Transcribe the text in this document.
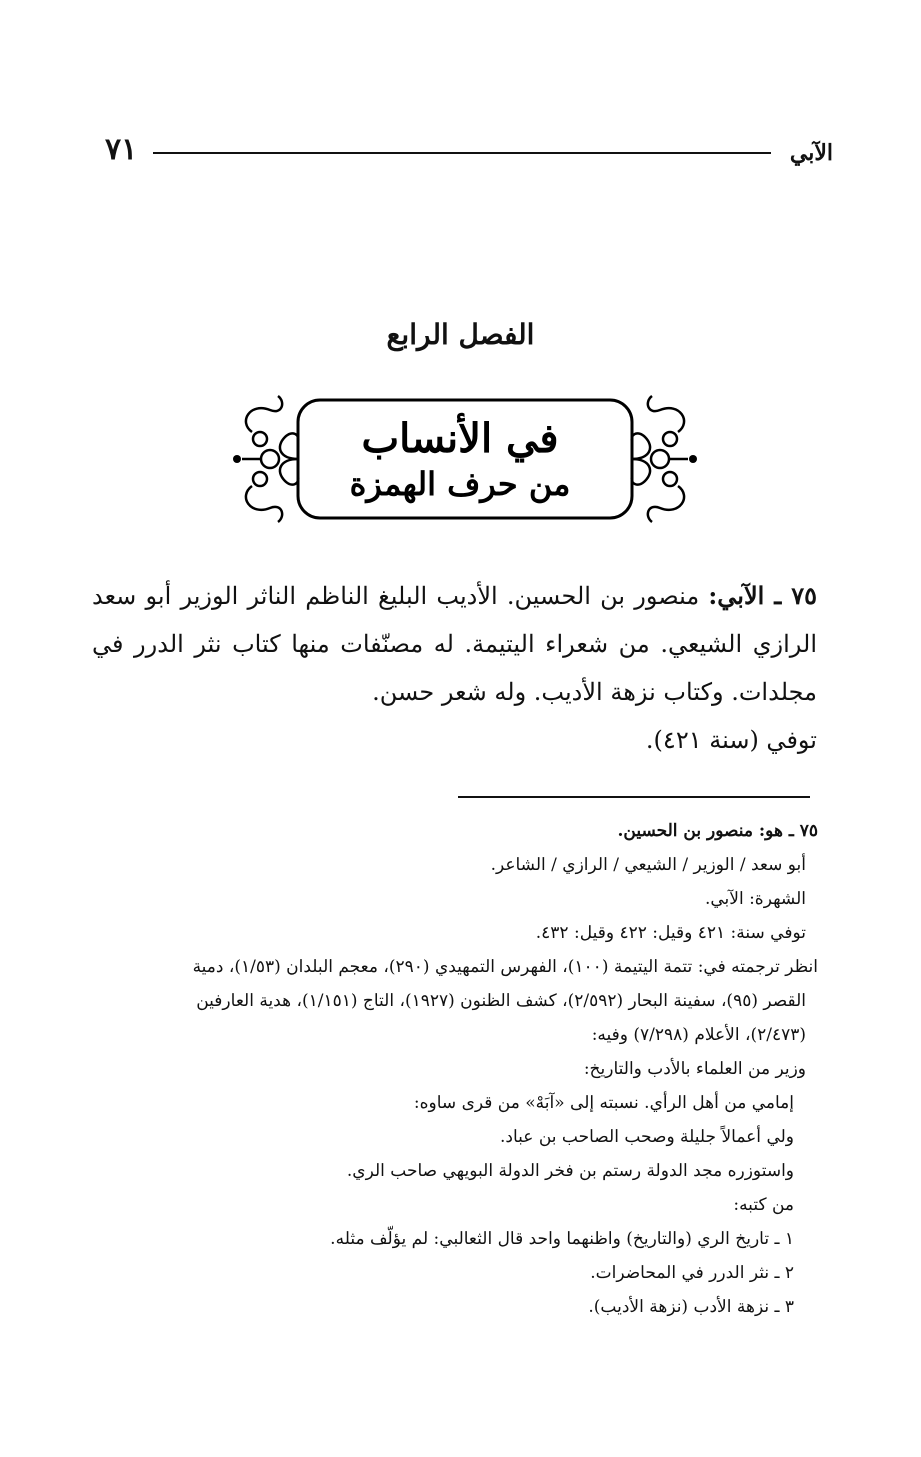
٧١	الآبي
الفصل الرابع
في الأنساب
من حرف الهمزة

٧٥ ـ الآبي: منصور بن الحسين. الأديب البليغ الناظم الناثر الوزير أبو سعد الرازي الشيعي. من شعراء اليتيمة. له مصنّفات منها كتاب نثر الدرر في مجلدات. وكتاب نزهة الأديب. وله شعر حسن.

توفي (سنة ٤٢١).

٧٥ ـ هو: منصور بن الحسين.

أبو سعد / الوزير / الشيعي / الرازي / الشاعر.

الشهرة: الآبي.

توفي سنة: ٤٢١ وقيل: ٤٢٢ وقيل: ٤٣٢.

انظر ترجمته في: تتمة اليتيمة (١٠٠)، الفهرس التمهيدي (٢٩٠)، معجم البلدان (١/٥٣)، دمية

القصر (٩٥)، سفينة البحار (٢/٥٩٢)، كشف الظنون (١٩٢٧)، التاج (١/١٥١)، هدية العارفين

(٢/٤٧٣)، الأعلام (٧/٢٩٨) وفيه:

وزير من العلماء بالأدب والتاريخ:

إمامي من أهل الرأي. نسبته إلى «آبَهْ» من قرى ساوه:

ولي أعمالاً جليلة وصحب الصاحب بن عباد.

واستوزره مجد الدولة رستم بن فخر الدولة البويهي صاحب الري.

من كتبه:

١ ـ تاريخ الري (والتاريخ) واظنهما واحد قال الثعالبي: لم يؤلّف مثله.

٢ ـ نثر الدرر في المحاضرات.

٣ ـ نزهة الأدب (نزهة الأديب).
